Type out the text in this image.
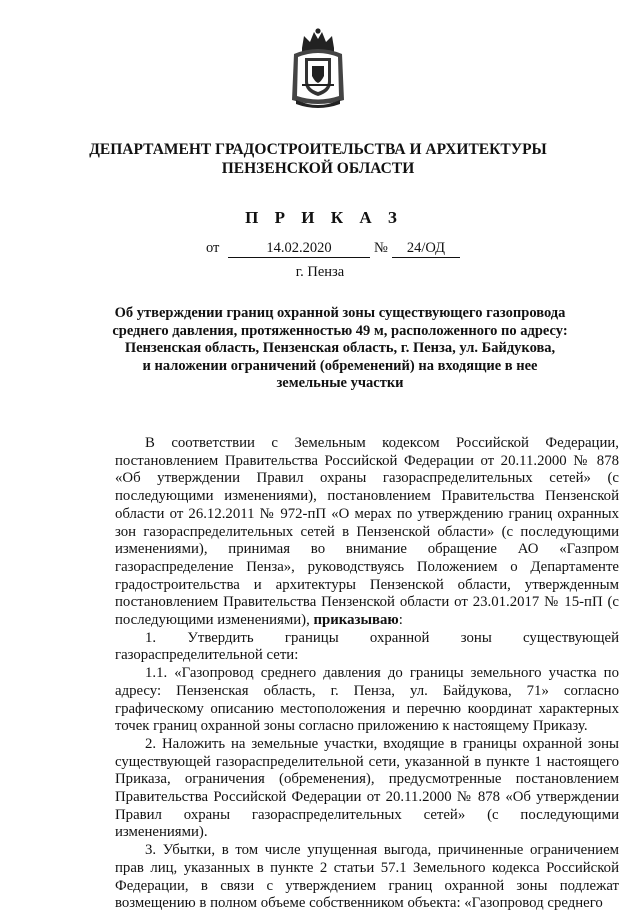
ДЕПАРТАМЕНТ ГРАДОСТРОИТЕЛЬСТВА И АРХИТЕКТУРЫ
ПЕНЗЕНСКОЙ ОБЛАСТИ
П Р И К А З
от	14.02.2020	№	24/ОД
г. Пенза
Об утверждении границ охранной зоны существующего газопровода
среднего давления, протяженностью 49 м, расположенного по адресу:
Пензенская область, Пензенская область, г. Пенза, ул. Байдукова,
и наложении ограничений (обременений) на входящие в нее
земельные участки

В соответствии с Земельным кодексом Российской Федерации, постановлением Правительства Российской Федерации от 20.11.2000 № 878 «Об утверждении Правил охраны газораспределительных сетей» (с последующими изменениями), постановлением Правительства Пензенской области от 26.12.2011 № 972-пП «О мерах по утверждению границ охранных зон газораспределительных сетей в Пензенской области» (с последующими изменениями), принимая во внимание обращение АО «Газпром газораспределение Пенза», руководствуясь Положением о Департаменте градостроительства и архитектуры Пензенской области, утвержденным постановлением Правительства Пензенской области от 23.01.2017 № 15-пП (с последующими изменениями), приказываю:

1. Утвердить границы охранной зоны существующей газораспределительной сети:

1.1. «Газопровод среднего давления до границы земельного участка по адресу: Пензенская область, г. Пенза, ул. Байдукова, 71» согласно графическому описанию местоположения и перечню координат характерных точек границ охранной зоны согласно приложению к настоящему Приказу.

2. Наложить на земельные участки, входящие в границы охранной зоны существующей газораспределительной сети, указанной в пункте 1 настоящего Приказа, ограничения (обременения), предусмотренные постановлением Правительства Российской Федерации от 20.11.2000 № 878 «Об утверждении Правил охраны газораспределительных сетей» (с последующими изменениями).

3. Убытки, в том числе упущенная выгода, причиненные ограничением прав лиц, указанных в пункте 2 статьи 57.1 Земельного кодекса Российской Федерации, в связи с утверждением границ охранной зоны подлежат возмещению в полном объеме собственником объекта: «Газопровод среднего
